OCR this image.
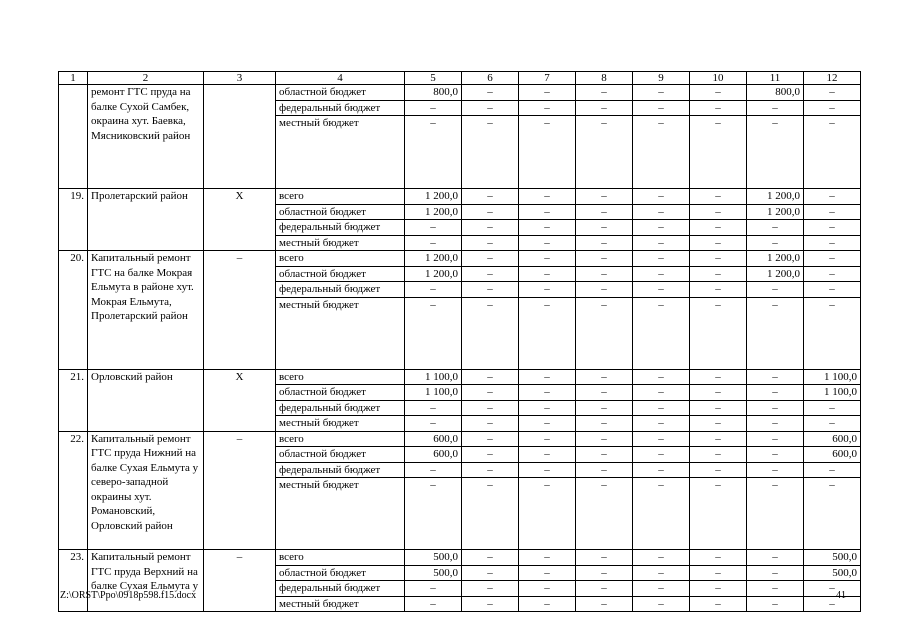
1	2	3	4	5	6	7	8	9	10	11	12
	ремонт ГТС пруда на балке Сухой Самбек, окраина хут. Баевка, Мясниковский район		областной бюджет	800,0	–	–	–	–	–	800,0	–
			федеральный бюджет	–	–	–	–	–	–	–	–
			местный бюджет	–	–	–	–	–	–	–	–
19.	Пролетарский район	Х	всего	1 200,0	–	–	–	–	–	1 200,0	–
			областной бюджет	1 200,0	–	–	–	–	–	1 200,0	–
			федеральный бюджет	–	–	–	–	–	–	–	–
			местный бюджет	–	–	–	–	–	–	–	–
20.	Капитальный ремонт ГТС на балке Мокрая Ельмута в районе хут. Мокрая Ельмута, Пролетарский район	–	всего	1 200,0	–	–	–	–	–	1 200,0	–
			областной бюджет	1 200,0	–	–	–	–	–	1 200,0	–
			федеральный бюджет	–	–	–	–	–	–	–	–
			местный бюджет	–	–	–	–	–	–	–	–
21.	Орловский район	Х	всего	1 100,0	–	–	–	–	–	–	1 100,0
			областной бюджет	1 100,0	–	–	–	–	–	–	1 100,0
			федеральный бюджет	–	–	–	–	–	–	–	–
			местный бюджет	–	–	–	–	–	–	–	–
22.	Капитальный ремонт ГТС пруда Нижний на балке Сухая Ельмута у северо-западной окраины хут. Романовский, Орловский район	–	всего	600,0	–	–	–	–	–	–	600,0
			областной бюджет	600,0	–	–	–	–	–	–	600,0
			федеральный бюджет	–	–	–	–	–	–	–	–
			местный бюджет	–	–	–	–	–	–	–	–
23.	Капитальный ремонт ГТС пруда Верхний на балке Сухая Ельмута у	–	всего	500,0	–	–	–	–	–	–	500,0
			областной бюджет	500,0	–	–	–	–	–	–	500,0
			федеральный бюджет	–	–	–	–	–	–	–	–
			местный бюджет	–	–	–	–	–	–	–	–
Z:\ORST\Ppo\0918p598.f15.docx	41
